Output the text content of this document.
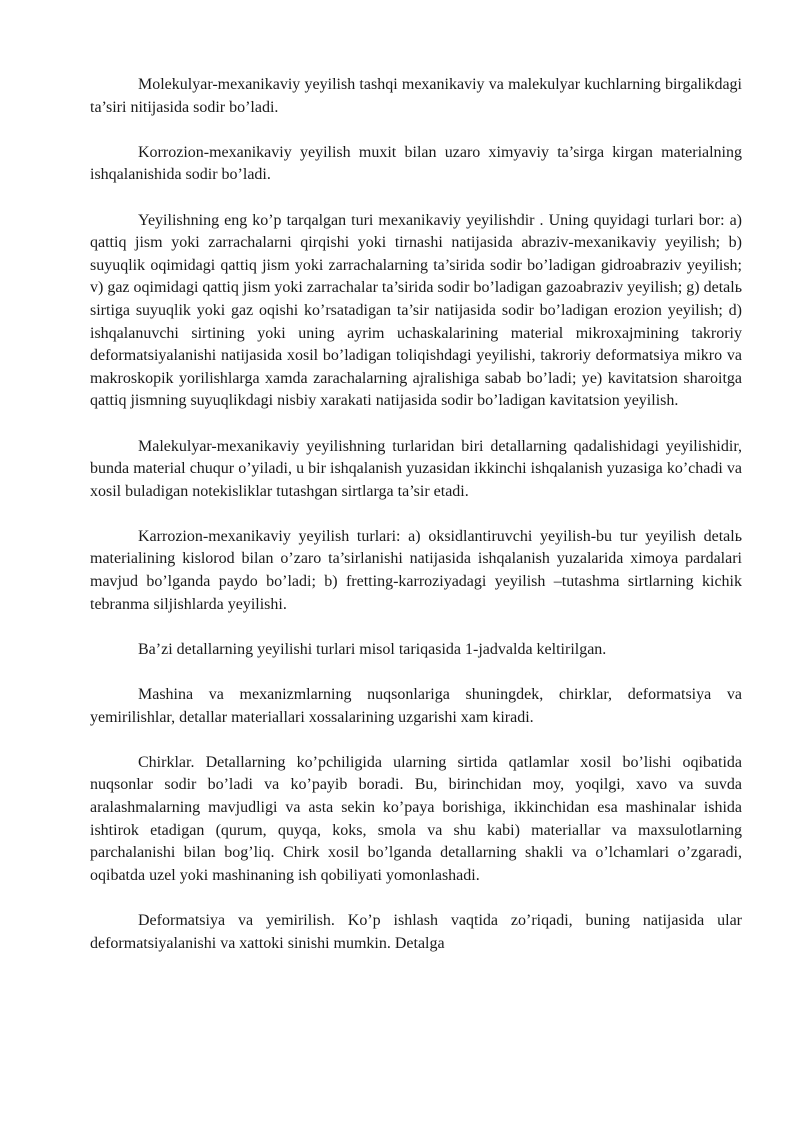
Molekulyar-mexanikaviy yeyilish tashqi mexanikaviy va malekulyar kuchlarning birgalikdagi ta’siri nitijasida sodir bo’ladi.

Korrozion-mexanikaviy yeyilish muxit bilan uzaro ximyaviy ta’sirga kirgan materialning ishqalanishida sodir bo’ladi.

Yeyilishning eng ko’p tarqalgan turi mexanikaviy yeyilishdir . Uning quyidagi turlari bor: a) qattiq jism yoki zarrachalarni qirqishi yoki tirnashi natijasida abraziv-mexanikaviy yeyilish; b) suyuqlik oqimidagi qattiq jism yoki zarrachalarning ta’sirida sodir bo’ladigan gidroabraziv yeyilish; v) gaz oqimidagi qattiq jism yoki zarrachalar ta’sirida sodir bo’ladigan gazoabraziv yeyilish; g) detalь sirtiga suyuqlik yoki gaz oqishi ko’rsatadigan ta’sir natijasida sodir bo’ladigan erozion yeyilish; d) ishqalanuvchi sirtining yoki uning ayrim uchaskalarining material mikroxajmining takroriy deformatsiyalanishi natijasida xosil bo’ladigan toliqishdagi yeyilishi, takroriy deformatsiya mikro va makroskopik yorilishlarga xamda zarachalarning ajralishiga sabab bo’ladi; ye) kavitatsion sharoitga qattiq jismning suyuqlikdagi nisbiy xarakati natijasida sodir bo’ladigan kavitatsion yeyilish.

Malekulyar-mexanikaviy yeyilishning turlaridan biri detallarning qadalishidagi yeyilishidir, bunda material chuqur o’yiladi, u bir ishqalanish yuzasidan ikkinchi ishqalanish yuzasiga ko’chadi va xosil buladigan notekisliklar tutashgan sirtlarga ta’sir etadi.

Karrozion-mexanikaviy yeyilish turlari: a) oksidlantiruvchi yeyilish-bu tur yeyilish detalь materialining kislorod bilan o’zaro ta’sirlanishi natijasida ishqalanish yuzalarida ximoya pardalari mavjud bo’lganda paydo bo’ladi; b) fretting-karroziyadagi yeyilish –tutashma sirtlarning kichik tebranma siljishlarda yeyilishi.

Ba’zi detallarning yeyilishi turlari misol tariqasida 1-jadvalda keltirilgan.

Mashina va mexanizmlarning nuqsonlariga shuningdek, chirklar, deformatsiya va yemirilishlar, detallar materiallari xossalarining uzgarishi xam kiradi.

Chirklar. Detallarning ko’pchiligida ularning sirtida qatlamlar xosil bo’lishi oqibatida nuqsonlar sodir bo’ladi va ko’payib boradi. Bu, birinchidan moy, yoqilgi, xavo va suvda aralashmalarning mavjudligi va asta sekin ko’paya borishiga, ikkinchidan esa mashinalar ishida ishtirok etadigan (qurum, quyqa, koks, smola va shu kabi) materiallar va maxsulotlarning parchalanishi bilan bog’liq. Chirk xosil bo’lganda detallarning shakli va o’lchamlari o’zgaradi, oqibatda uzel yoki mashinaning ish qobiliyati yomonlashadi.

Deformatsiya va yemirilish. Ko’p ishlash vaqtida zo’riqadi, buning natijasida ular deformatsiyalanishi va xattoki sinishi mumkin. Detalga
